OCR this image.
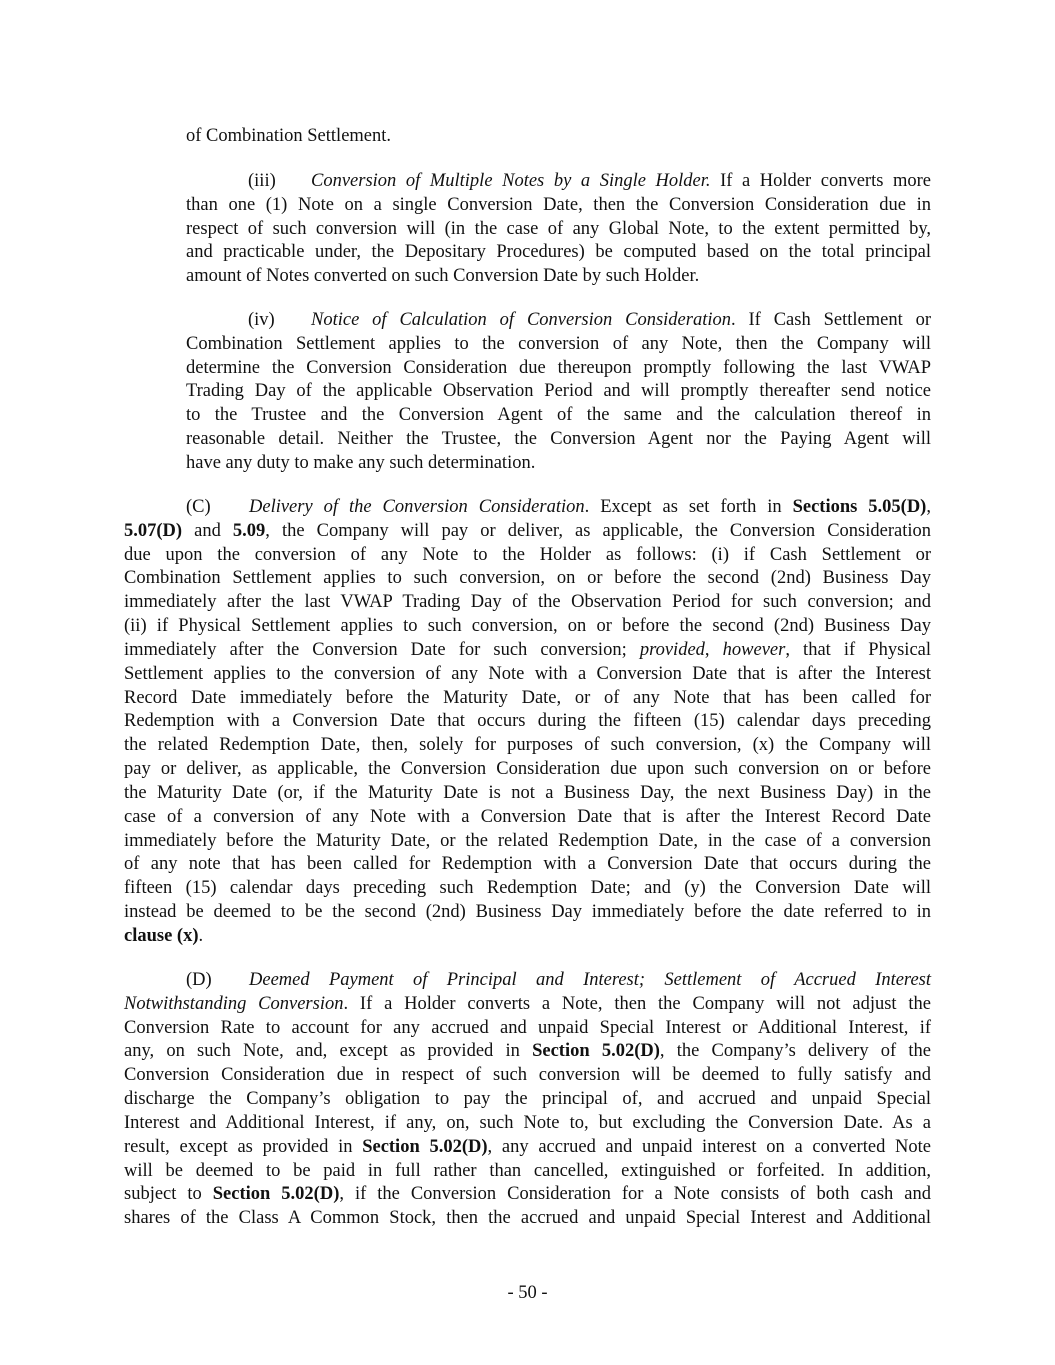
of Combination Settlement.
(iii) Conversion of Multiple Notes by a Single Holder. If a Holder converts more
than one (1) Note on a single Conversion Date, then the Conversion Consideration due in
respect of such conversion will (in the case of any Global Note, to the extent permitted by,
and practicable under, the Depositary Procedures) be computed based on the total principal
amount of Notes converted on such Conversion Date by such Holder.
(iv) Notice of Calculation of Conversion Consideration. If Cash Settlement or
Combination Settlement applies to the conversion of any Note, then the Company will
determine the Conversion Consideration due thereupon promptly following the last VWAP
Trading Day of the applicable Observation Period and will promptly thereafter send notice
to the Trustee and the Conversion Agent of the same and the calculation thereof in
reasonable detail. Neither the Trustee, the Conversion Agent nor the Paying Agent will
have any duty to make any such determination.
(C) Delivery of the Conversion Consideration. Except as set forth in Sections 5.05(D),
5.07(D) and 5.09, the Company will pay or deliver, as applicable, the Conversion Consideration
due upon the conversion of any Note to the Holder as follows: (i) if Cash Settlement or
Combination Settlement applies to such conversion, on or before the second (2nd) Business Day
immediately after the last VWAP Trading Day of the Observation Period for such conversion; and
(ii) if Physical Settlement applies to such conversion, on or before the second (2nd) Business Day
immediately after the Conversion Date for such conversion; provided, however, that if Physical
Settlement applies to the conversion of any Note with a Conversion Date that is after the Interest
Record Date immediately before the Maturity Date, or of any Note that has been called for
Redemption with a Conversion Date that occurs during the fifteen (15) calendar days preceding
the related Redemption Date, then, solely for purposes of such conversion, (x) the Company will
pay or deliver, as applicable, the Conversion Consideration due upon such conversion on or before
the Maturity Date (or, if the Maturity Date is not a Business Day, the next Business Day) in the
case of a conversion of any Note with a Conversion Date that is after the Interest Record Date
immediately before the Maturity Date, or the related Redemption Date, in the case of a conversion
of any note that has been called for Redemption with a Conversion Date that occurs during the
fifteen (15) calendar days preceding such Redemption Date; and (y) the Conversion Date will
instead be deemed to be the second (2nd) Business Day immediately before the date referred to in
clause (x).
(D) Deemed Payment of Principal and Interest; Settlement of Accrued Interest
Notwithstanding Conversion. If a Holder converts a Note, then the Company will not adjust the
Conversion Rate to account for any accrued and unpaid Special Interest or Additional Interest, if
any, on such Note, and, except as provided in Section 5.02(D), the Company’s delivery of the
Conversion Consideration due in respect of such conversion will be deemed to fully satisfy and
discharge the Company’s obligation to pay the principal of, and accrued and unpaid Special
Interest and Additional Interest, if any, on, such Note to, but excluding the Conversion Date. As a
result, except as provided in Section 5.02(D), any accrued and unpaid interest on a converted Note
will be deemed to be paid in full rather than cancelled, extinguished or forfeited. In addition,
subject to Section 5.02(D), if the Conversion Consideration for a Note consists of both cash and
shares of the Class A Common Stock, then the accrued and unpaid Special Interest and Additional
- 50 -
